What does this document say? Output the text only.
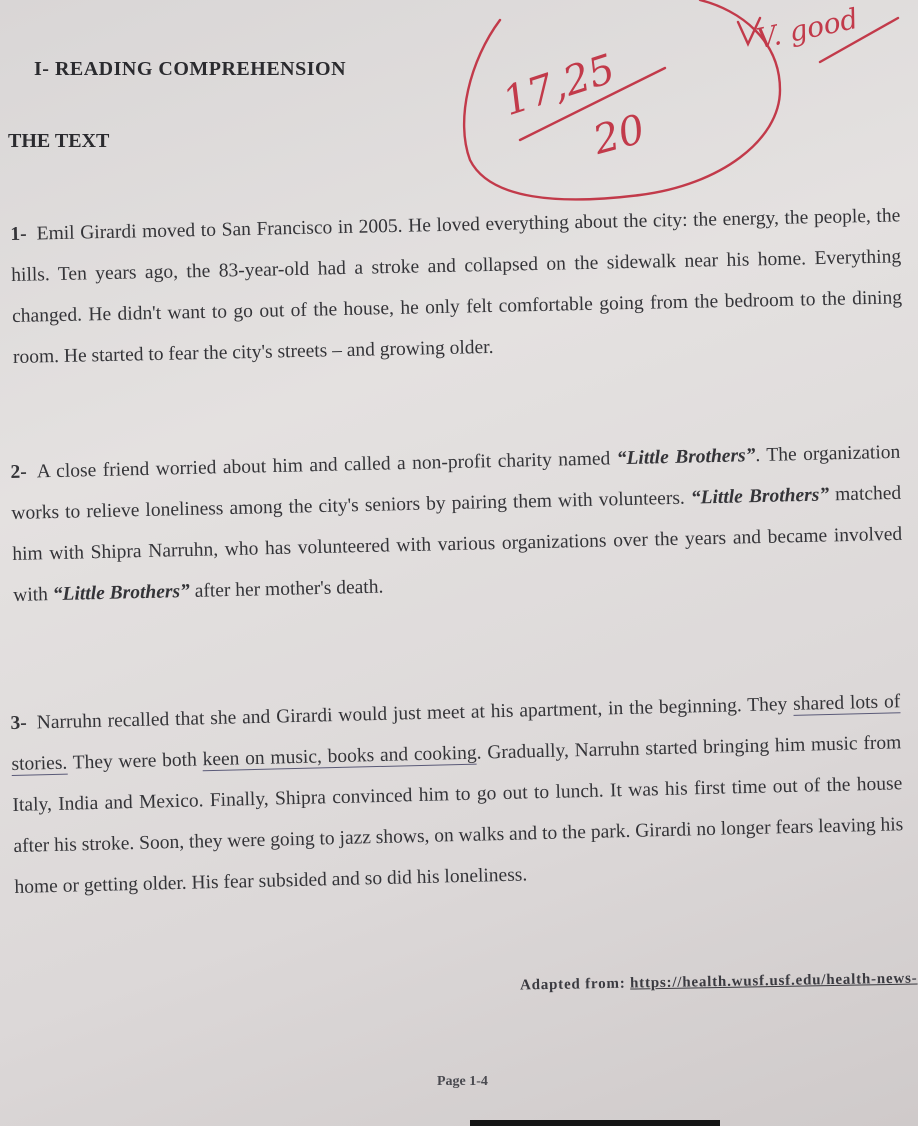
I- READING COMPREHENSION
THE TEXT
17,25
20
V. good
1- Emil Girardi moved to San Francisco in 2005. He loved everything about the city: the energy, the people, the hills. Ten years ago, the 83-year-old had a stroke and collapsed on the sidewalk near his home. Everything changed. He didn't want to go out of the house, he only felt comfortable going from the bedroom to the dining room. He started to fear the city's streets – and growing older.
2- A close friend worried about him and called a non-profit charity named “Little Brothers”. The organization works to relieve loneliness among the city's seniors by pairing them with volunteers. “Little Brothers” matched him with Shipra Narruhn, who has volunteered with various organizations over the years and became involved with “Little Brothers” after her mother's death.
3- Narruhn recalled that she and Girardi would just meet at his apartment, in the beginning. They shared lots of stories. They were both keen on music, books and cooking. Gradually, Narruhn started bringing him music from Italy, India and Mexico. Finally, Shipra convinced him to go out to lunch. It was his first time out of the house after his stroke. Soon, they were going to jazz shows, on walks and to the park. Girardi no longer fears leaving his home or getting older. His fear subsided and so did his loneliness.
Adapted from: https://health.wusf.usf.edu/health-news-
Page 1-4
